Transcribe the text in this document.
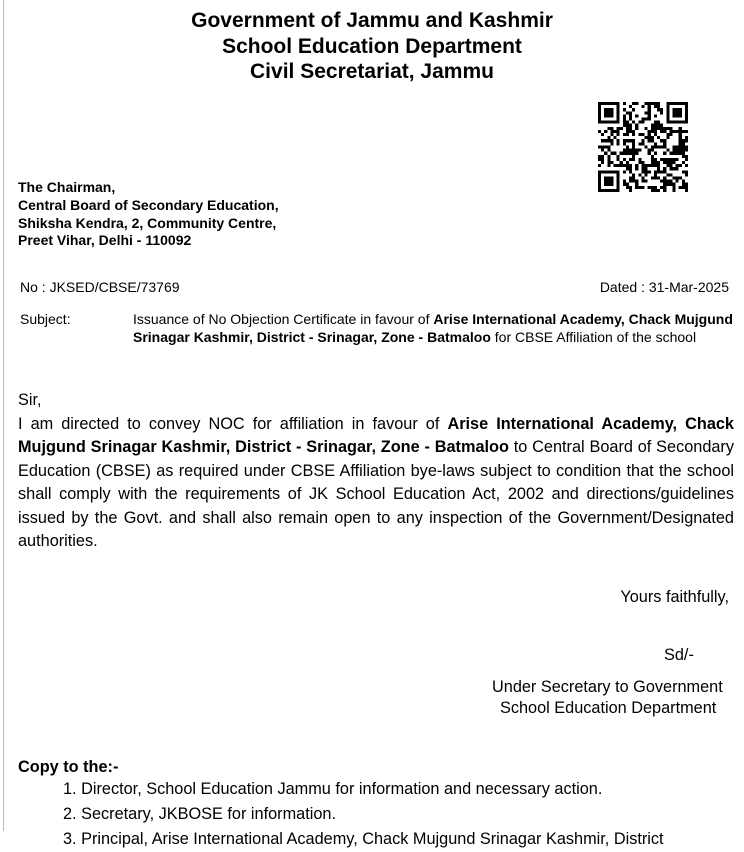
Government of Jammu and Kashmir
School Education Department
Civil Secretariat, Jammu
The Chairman,
Central Board of Secondary Education,
Shiksha Kendra, 2, Community Centre,
Preet Vihar, Delhi - 110092
No : JKSED/CBSE/73769	Dated : 31-Mar-2025
Subject:	Issuance of No Objection Certificate in favour of Arise International Academy, Chack Mujgund Srinagar Kashmir, District - Srinagar, Zone - Batmaloo for CBSE Affiliation of the school
Sir,
I am directed to convey NOC for affiliation in favour of Arise International Academy, Chack Mujgund Srinagar Kashmir, District - Srinagar, Zone - Batmaloo to Central Board of Secondary Education (CBSE) as required under CBSE Affiliation bye-laws subject to condition that the school shall comply with the requirements of JK School Education Act, 2002 and directions/guidelines issued by the Govt. and shall also remain open to any inspection of the Government/Designated authorities.
Yours faithfully,
Sd/-
Under Secretary to Government
School Education Department
Copy to the:-
1. Director, School Education Jammu for information and necessary action.
2. Secretary, JKBOSE for information.
3. Principal, Arise International Academy, Chack Mujgund Srinagar Kashmir, District
